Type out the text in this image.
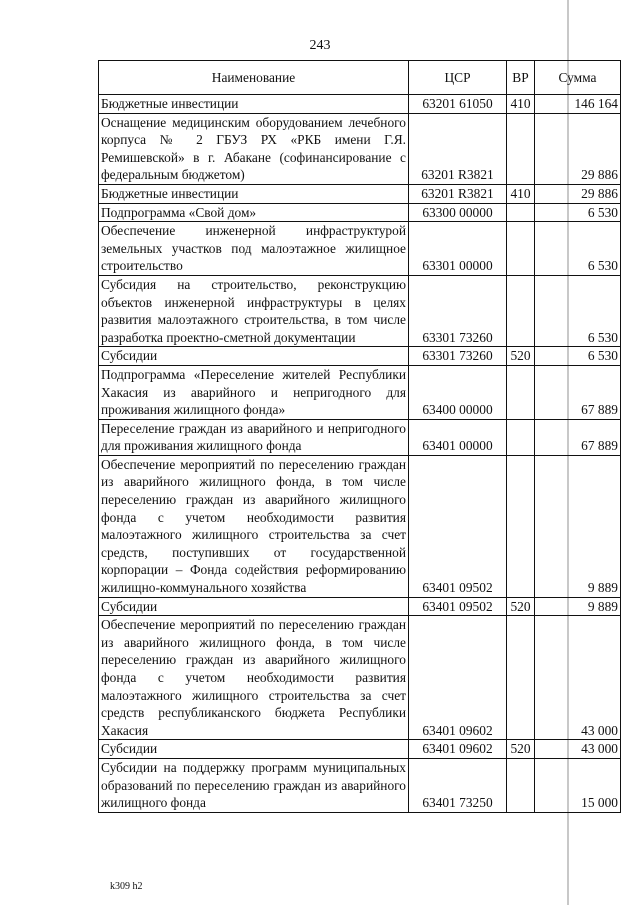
243
Наименование	ЦСР	ВР	Сумма
Бюджетные инвестиции	63201 61050	410	146 164
Оснащение медицинским оборудованием лечебного корпуса № 2 ГБУЗ РХ «РКБ имени Г.Я. Ремишевской» в г. Абакане (софинансирование с федеральным бюджетом)	63201 R3821		29 886
Бюджетные инвестиции	63201 R3821	410	29 886
Подпрограмма «Свой дом»	63300 00000		6 530
Обеспечение инженерной инфраструктурой земельных участков под малоэтажное жилищное строительство	63301 00000		6 530
Субсидия на строительство, реконструкцию объектов инженерной инфраструктуры в целях развития малоэтажного строительства, в том числе разработка проектно-сметной документации	63301 73260		6 530
Субсидии	63301 73260	520	6 530
Подпрограмма «Переселение жителей Республики Хакасия из аварийного и непригодного для проживания жилищного фонда»	63400 00000		67 889
Переселение граждан из аварийного и непригодного для проживания жилищного фонда	63401 00000		67 889
Обеспечение мероприятий по переселению граждан из аварийного жилищного фонда, в том числе переселению граждан из аварийного жилищного фонда с учетом необходимости развития малоэтажного жилищного строительства за счет средств, поступивших от государственной корпорации – Фонда содействия реформированию жилищно-коммунального хозяйства	63401 09502		9 889
Субсидии	63401 09502	520	9 889
Обеспечение мероприятий по переселению граждан из аварийного жилищного фонда, в том числе переселению граждан из аварийного жилищного фонда с учетом необходимости развития малоэтажного жилищного строительства за счет средств республиканского бюджета Республики Хакасия	63401 09602		43 000
Субсидии	63401 09602	520	43 000
Субсидии на поддержку программ муниципальных образований по переселению граждан из аварийного жилищного фонда	63401 73250		15 000
k309 h2
